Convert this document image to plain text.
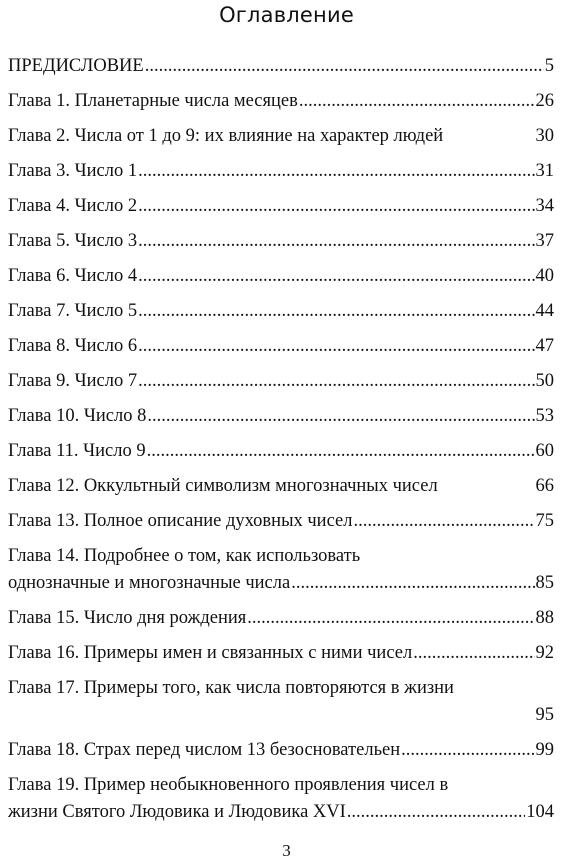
Оглавление
ПРЕДИСЛОВИЕ .....	5
Глава 1. Планетарные числа месяцев .....	26
Глава 2. Числа от 1 до 9: их влияние на характер людей	30
Глава 3. Число 1 .....	31
Глава 4. Число 2 .....	34
Глава 5. Число 3 .....	37
Глава 6. Число 4 .....	40
Глава 7. Число 5 .....	44
Глава 8. Число 6 .....	47
Глава 9. Число 7 .....	50
Глава 10. Число 8 .....	53
Глава 11. Число 9 .....	60
Глава 12. Оккультный символизм многозначных чисел	66
Глава 13. Полное описание духовных чисел .....	75
Глава 14. Подробнее о том, как использовать
однозначные и многозначные числа .....	85
Глава 15. Число дня рождения .....	88
Глава 16. Примеры имен и связанных с ними чисел .....	92
Глава 17. Примеры того, как числа повторяются в жизни
95
Глава 18. Страх перед числом 13 безосновательен .....	99
Глава 19. Пример необыкновенного проявления чисел в
жизни Святого Людовика и Людовика XVI .....	104
3
